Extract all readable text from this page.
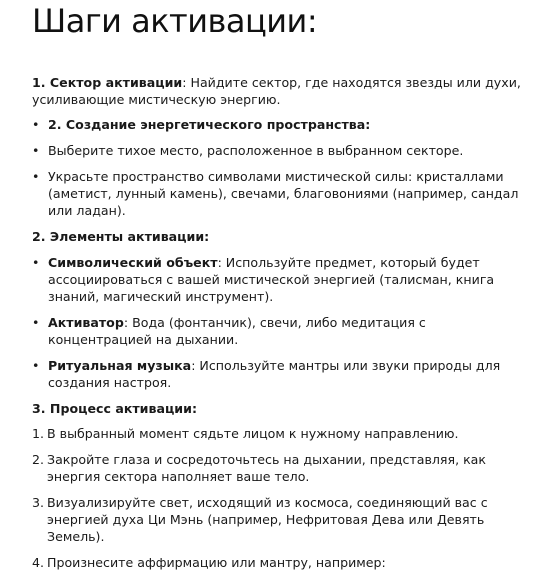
Шаги активации:

1. Сектор активации: Найдите сектор, где находятся звезды или духи, усиливающие мистическую энергию.

• 2. Создание энергетического пространства:
• Выберите тихое место, расположенное в выбранном секторе.
• Украсьте пространство символами мистической силы: кристаллами (аметист, лунный камень), свечами, благовониями (например, сандал или ладан).

2. Элементы активации:

• Символический объект: Используйте предмет, который будет ассоциироваться с вашей мистической энергией (талисман, книга знаний, магический инструмент).
• Активатор: Вода (фонтанчик), свечи, либо медитация с концентрацией на дыхании.
• Ритуальная музыка: Используйте мантры или звуки природы для создания настроя.

3. Процесс активации:

1. В выбранный момент сядьте лицом к нужному направлению.
2. Закройте глаза и сосредоточьтесь на дыхании, представляя, как энергия сектора наполняет ваше тело.
3. Визуализируйте свет, исходящий из космоса, соединяющий вас с энергией духа Ци Мэнь (например, Нефритовая Дева или Девять Земель).
4. Произнесите аффирмацию или мантру, например:
